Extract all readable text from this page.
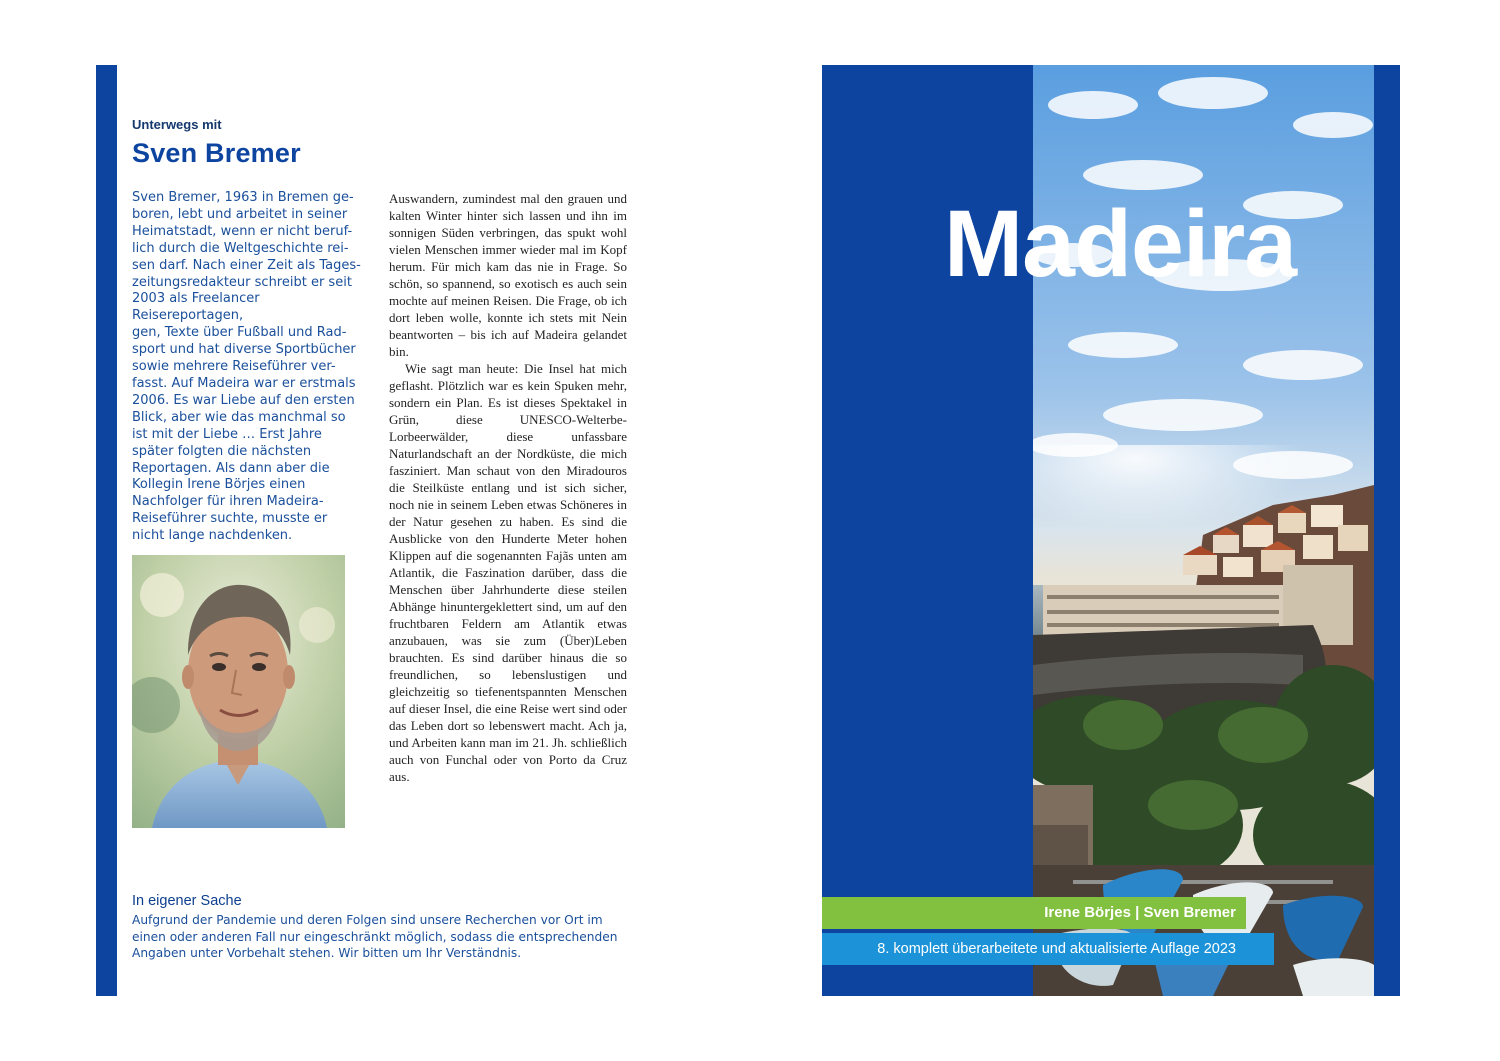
Unterwegs mit
Sven Bremer
Sven Bremer, 1963 in Bremen ge-
boren, lebt und arbeitet in seiner
Heimatstadt, wenn er nicht beruf-
lich durch die Weltgeschichte rei-
sen darf. Nach einer Zeit als Tages-
zeitungsredakteur schreibt er seit
2003 als Freelancer Reisereportagen,
gen, Texte über Fußball und Rad-
sport und hat diverse Sportbücher
sowie mehrere Reiseführer ver-
fasst. Auf Madeira war er erstmals
2006. Es war Liebe auf den ersten
Blick, aber wie das manchmal so
ist mit der Liebe … Erst Jahre
später folgten die nächsten
Reportagen. Als dann aber die
Kollegin Irene Börjes einen
Nachfolger für ihren Madeira-
Reiseführer suchte, musste er
nicht lange nachdenken.

Auswandern, zumindest mal den grauen und kalten Winter hinter sich lassen und ihn im sonnigen Süden verbringen, das spukt wohl vielen Menschen immer wieder mal im Kopf herum. Für mich kam das nie in Frage. So schön, so spannend, so exotisch es auch sein mochte auf meinen Reisen. Die Frage, ob ich dort leben wolle, konnte ich stets mit Nein beantworten – bis ich auf Madeira gelandet bin.

Wie sagt man heute: Die Insel hat mich geflasht. Plötzlich war es kein Spuken mehr, sondern ein Plan. Es ist dieses Spektakel in Grün, diese UNESCO-Welterbe-Lorbeerwälder, diese unfassbare Naturlandschaft an der Nordküste, die mich fasziniert. Man schaut von den Miradouros die Steilküste entlang und ist sich sicher, noch nie in seinem Leben etwas Schöneres in der Natur gesehen zu haben. Es sind die Ausblicke von den Hunderte Meter hohen Klippen auf die sogenannten Fajãs unten am Atlantik, die Faszination darüber, dass die Menschen über Jahrhunderte diese steilen Abhänge hinuntergeklettert sind, um auf den fruchtbaren Feldern am Atlantik etwas anzubauen, was sie zum (Über)Leben brauchten. Es sind darüber hinaus die so freundlichen, so lebenslustigen und gleichzeitig so tiefenentspannten Menschen auf dieser Insel, die eine Reise wert sind oder das Leben dort so lebenswert macht. Ach ja, und Arbeiten kann man im 21. Jh. schließlich auch von Funchal oder von Porto da Cruz aus.

In eigener Sache
Aufgrund der Pandemie und deren Folgen sind unsere Recherchen vor Ort im
einen oder anderen Fall nur eingeschränkt möglich, sodass die entsprechenden
Angaben unter Vorbehalt stehen. Wir bitten um Ihr Verständnis.
Madeira
Irene Börjes | Sven Bremer
8. komplett überarbeitete und aktualisierte Auflage 2023
